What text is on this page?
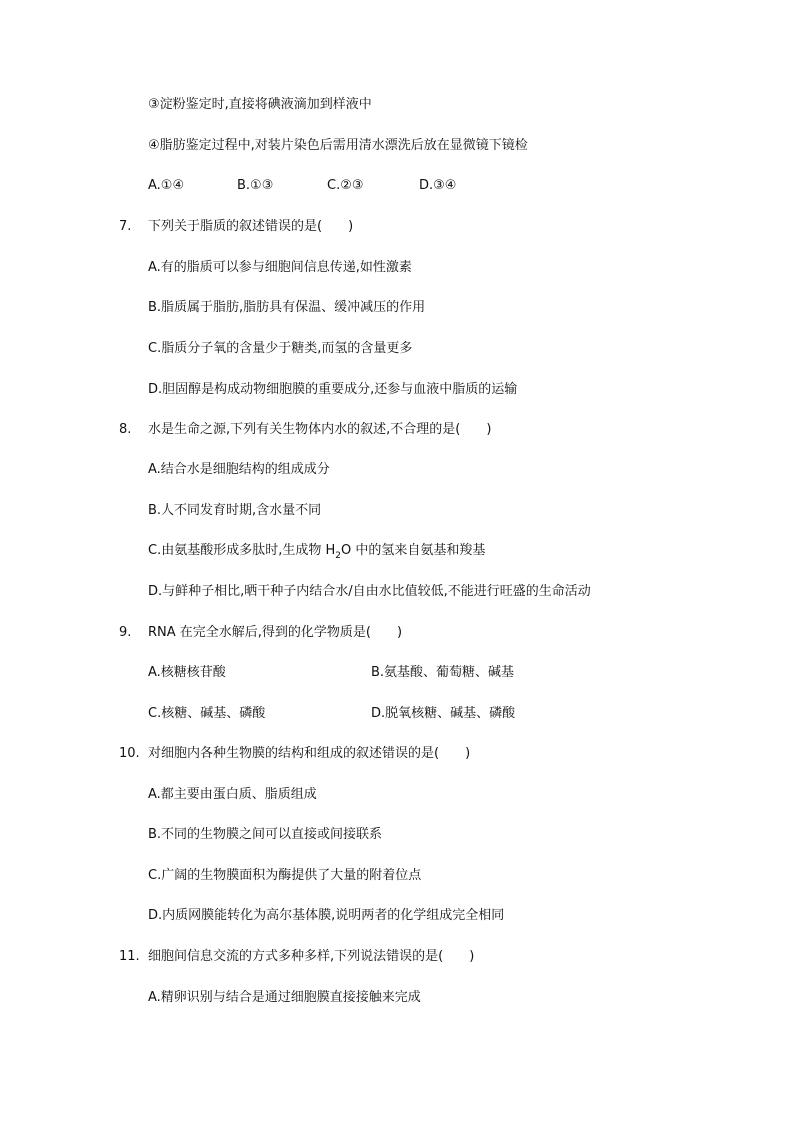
③淀粉鉴定时,直接将碘液滴加到样液中
④脂肪鉴定过程中,对装片染色后需用清水漂洗后放在显微镜下镜检
A.①④	B.①③	C.②③	D.③④
7. 下列关于脂质的叙述错误的是(　　)
A.有的脂质可以参与细胞间信息传递,如性激素
B.脂质属于脂肪,脂肪具有保温、缓冲减压的作用
C.脂质分子氧的含量少于糖类,而氢的含量更多
D.胆固醇是构成动物细胞膜的重要成分,还参与血液中脂质的运输
8. 水是生命之源,下列有关生物体内水的叙述,不合理的是(　　)
A.结合水是细胞结构的组成成分
B.人不同发育时期,含水量不同
C.由氨基酸形成多肽时,生成物 $H_2O$ 中的氢来自氨基和羧基
D.与鲜种子相比,晒干种子内结合水/自由水比值较低,不能进行旺盛的生命活动
9. RNA 在完全水解后,得到的化学物质是(　　)
A.核糖核苷酸	B.氨基酸、葡萄糖、碱基
C.核糖、碱基、磷酸	D.脱氧核糖、碱基、磷酸
10. 对细胞内各种生物膜的结构和组成的叙述错误的是(　　)
A.都主要由蛋白质、脂质组成
B.不同的生物膜之间可以直接或间接联系
C.广阔的生物膜面积为酶提供了大量的附着位点
D.内质网膜能转化为高尔基体膜,说明两者的化学组成完全相同
11. 细胞间信息交流的方式多种多样,下列说法错误的是(　　)
A.精卵识别与结合是通过细胞膜直接接触来完成
